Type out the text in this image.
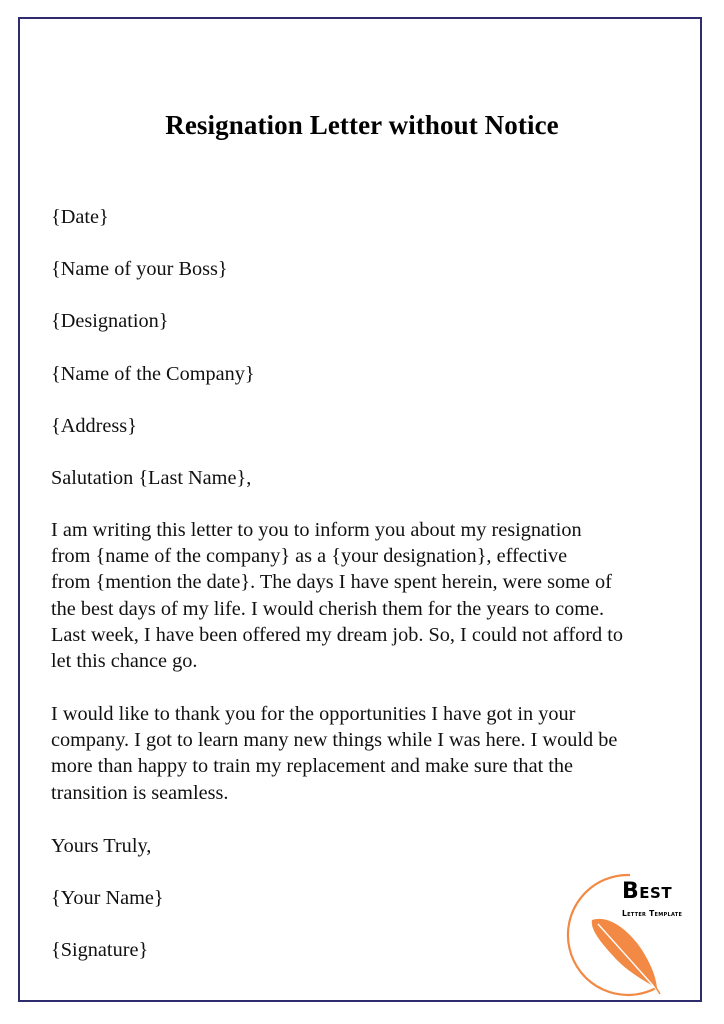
Resignation Letter without Notice
{Date}
{Name of your Boss}
{Designation}
{Name of the Company}
{Address}
Salutation {Last Name},
I am writing this letter to you to inform you about my resignation
from {name of the company} as a {your designation}, effective
from {mention the date}. The days I have spent herein, were some of
the best days of my life. I would cherish them for the years to come.
Last week, I have been offered my dream job. So, I could not afford to
let this chance go.
I would like to thank you for the opportunities I have got in your
company. I got to learn many new things while I was here. I would be
more than happy to train my replacement and make sure that the
transition is seamless.
Yours Truly,
{Your Name}
{Signature}
Best
Letter Template
